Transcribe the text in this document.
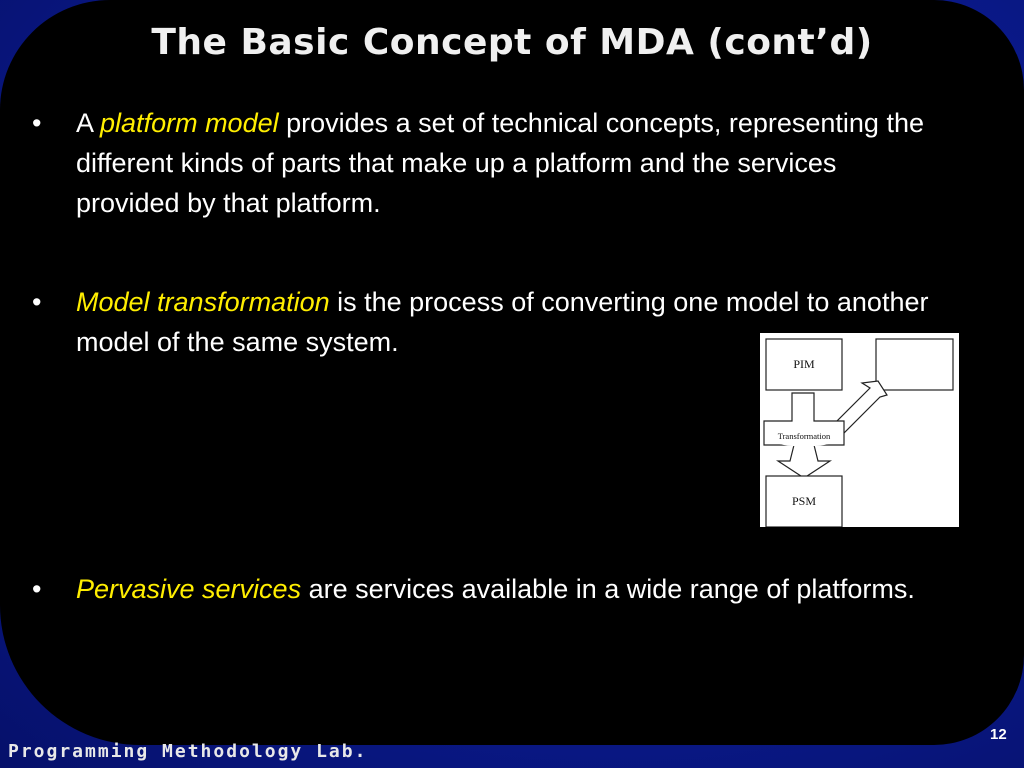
The Basic Concept of MDA (cont’d)
• A platform model provides a set of technical concepts, representing the different kinds of parts that make up a platform and the services provided by that platform.
• Model transformation is the process of converting one model to another model of the same system.
• Pervasive services are services available in a wide range of platforms.
PIM
Transformation
PSM
12
Programming Methodology Lab.
